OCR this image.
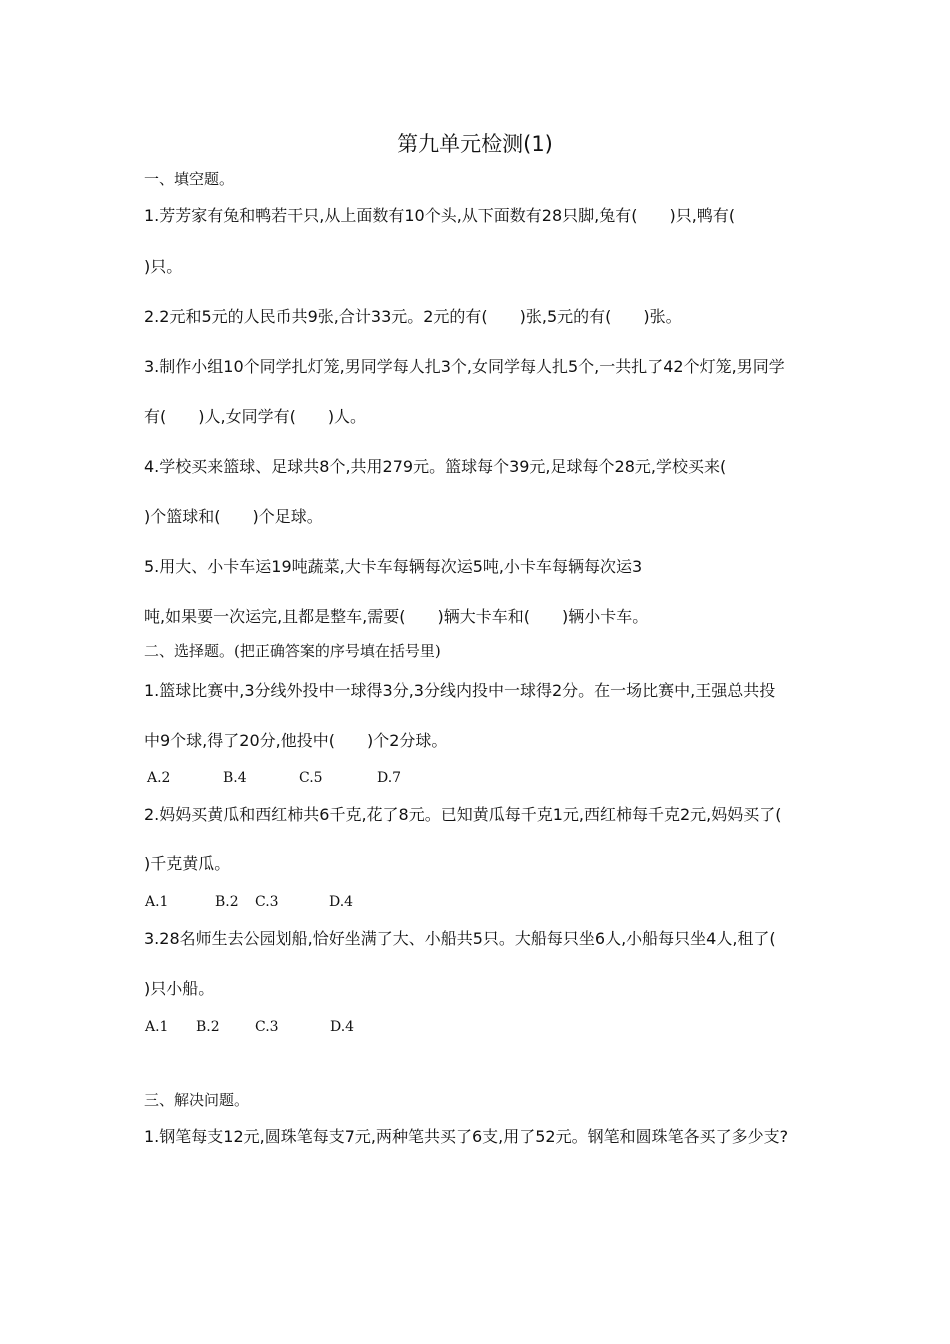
第九单元检测(1)
一、填空题。
1.芳芳家有兔和鸭若干只,从上面数有10个头,从下面数有28只脚,兔有(　　)只,鸭有(
)只。
2.2元和5元的人民币共9张,合计33元。2元的有(　　)张,5元的有(　　)张。
3.制作小组10个同学扎灯笼,男同学每人扎3个,女同学每人扎5个,一共扎了42个灯笼,男同学
有(　　)人,女同学有(　　)人。
4.学校买来篮球、足球共8个,共用279元。篮球每个39元,足球每个28元,学校买来(
)个篮球和(　　)个足球。
5.用大、小卡车运19吨蔬菜,大卡车每辆每次运5吨,小卡车每辆每次运3
吨,如果要一次运完,且都是整车,需要(　　)辆大卡车和(　　)辆小卡车。
二、选择题。(把正确答案的序号填在括号里)
1.篮球比赛中,3分线外投中一球得3分,3分线内投中一球得2分。在一场比赛中,王强总共投
中9个球,得了20分,他投中(　　)个2分球。
A.2	B.4	C.5	D.7
2.妈妈买黄瓜和西红柿共6千克,花了8元。已知黄瓜每千克1元,西红柿每千克2元,妈妈买了(
)千克黄瓜。
A.1	B.2 C.3	D.4
3.28名师生去公园划船,恰好坐满了大、小船共5只。大船每只坐6人,小船每只坐4人,租了(
)只小船。
A.1 B.2	C.3	D.4
三、解决问题。
1.钢笔每支12元,圆珠笔每支7元,两种笔共买了6支,用了52元。钢笔和圆珠笔各买了多少支?
